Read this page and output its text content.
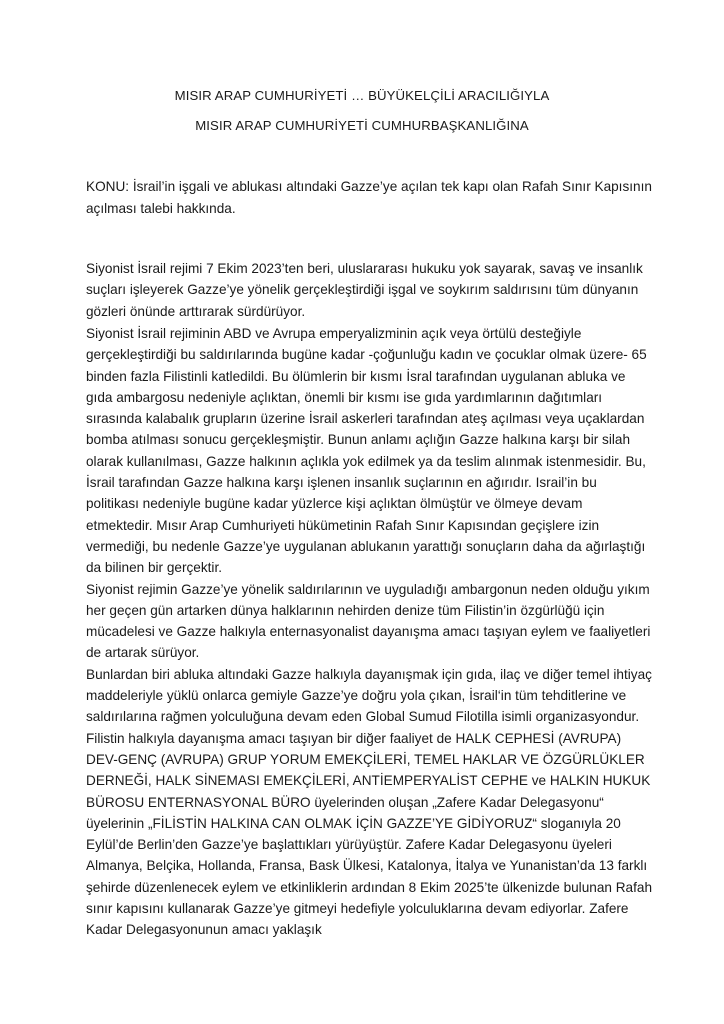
MISIR ARAP CUMHURİYETİ … BÜYÜKELÇİLİ ARACILIĞIYLA
MISIR ARAP CUMHURİYETİ CUMHURBAŞKANLIĞINA

KONU: İsrail’in işgali ve ablukası altındaki Gazze’ye açılan tek kapı olan Rafah Sınır Kapısının açılması talebi hakkında.

Siyonist İsrail rejimi 7 Ekim 2023’ten beri, uluslararası hukuku yok sayarak, savaş ve insanlık suçları işleyerek Gazze’ye yönelik gerçekleştirdiği işgal ve soykırım saldırısını tüm dünyanın gözleri önünde arttırarak sürdürüyor.

Siyonist İsrail rejiminin ABD ve Avrupa emperyalizminin açık veya örtülü desteğiyle gerçekleştirdiği bu saldırılarında bugüne kadar -çoğunluğu kadın ve çocuklar olmak üzere- 65 binden fazla Filistinli katledildi. Bu ölümlerin bir kısmı İsral tarafından uygulanan abluka ve gıda ambargosu nedeniyle açlıktan, önemli bir kısmı ise gıda yardımlarının dağıtımları sırasında kalabalık grupların üzerine İsrail askerleri tarafından ateş açılması veya uçaklardan bomba atılması sonucu gerçekleşmiştir. Bunun anlamı açlığın Gazze halkına karşı bir silah olarak kullanılması, Gazze halkının açlıkla yok edilmek ya da teslim alınmak istenmesidir. Bu, İsrail tarafından Gazze halkına karşı işlenen insanlık suçlarının en ağırıdır. Israil’in bu politikası nedeniyle bugüne kadar yüzlerce kişi açlıktan ölmüştür ve ölmeye devam etmektedir. Mısır Arap Cumhuriyeti hükümetinin Rafah Sınır Kapısından geçişlere izin vermediği, bu nedenle Gazze’ye uygulanan ablukanın yarattığı sonuçların daha da ağırlaştığı da bilinen bir gerçektir.

Siyonist rejimin Gazze’ye yönelik saldırılarının ve uyguladığı ambargonun neden olduğu yıkım her geçen gün artarken dünya halklarının nehirden denize tüm Filistin’in özgürlüğü için mücadelesi ve Gazze halkıyla enternasyonalist dayanışma amacı taşıyan eylem ve faaliyetleri de artarak sürüyor.

Bunlardan biri abluka altındaki Gazze halkıyla dayanışmak için gıda, ilaç ve diğer temel ihtiyaç maddeleriyle yüklü onlarca gemiyle Gazze’ye doğru yola çıkan, İsrail‘in tüm tehditlerine ve saldırılarına rağmen yolculuğuna devam eden Global Sumud Filotilla isimli organizasyondur. Filistin halkıyla dayanışma amacı taşıyan bir diğer faaliyet de HALK CEPHESİ (AVRUPA) DEV-GENÇ (AVRUPA) GRUP YORUM EMEKÇİLERİ, TEMEL HAKLAR VE ÖZGÜRLÜKLER DERNEĞİ, HALK SİNEMASI EMEKÇİLERİ, ANTİEMPERYALİST CEPHE ve HALKIN HUKUK BÜROSU ENTERNASYONAL BÜRO üyelerinden oluşan „Zafere Kadar Delegasyonu“ üyelerinin „FİLİSTİN HALKINA CAN OLMAK İÇİN GAZZE’YE GİDİYORUZ“ sloganıyla 20 Eylül’de Berlin’den Gazze’ye başlattıkları yürüyüştür. Zafere Kadar Delegasyonu üyeleri Almanya, Belçika, Hollanda, Fransa, Bask Ülkesi, Katalonya, İtalya ve Yunanistan’da 13 farklı şehirde düzenlenecek eylem ve etkinliklerin ardından 8 Ekim 2025’te ülkenizde bulunan Rafah sınır kapısını kullanarak Gazze’ye gitmeyi hedefiyle yolculuklarına devam ediyorlar. Zafere Kadar Delegasyonunun amacı yaklaşık
